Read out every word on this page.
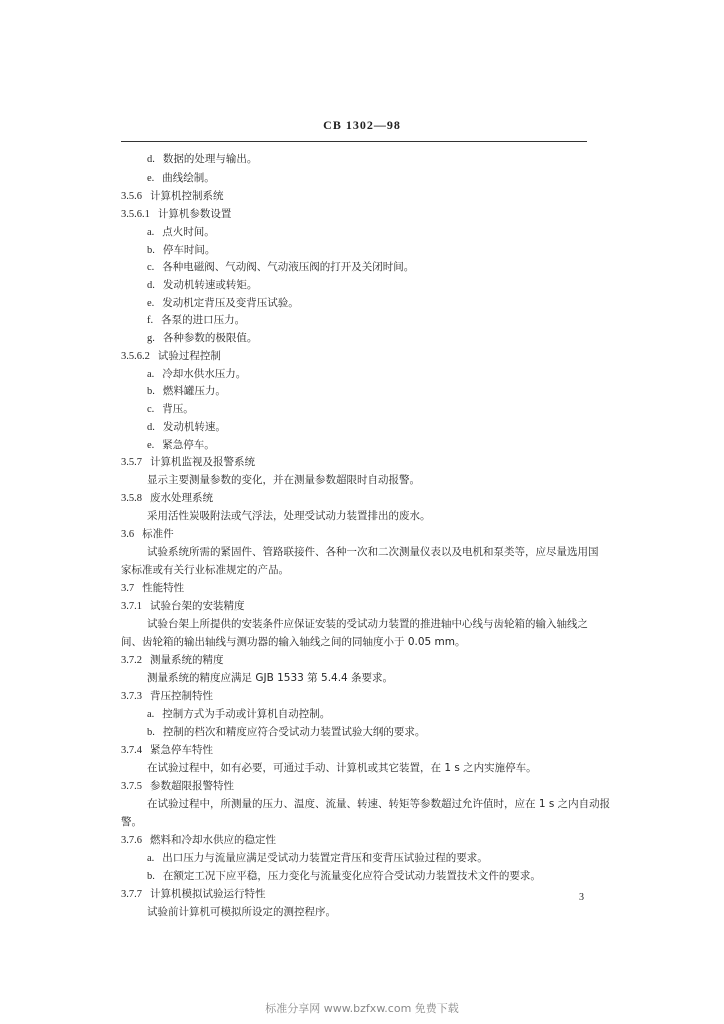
CB 1302—98
d. 数据的处理与输出。
e. 曲线绘制。
3.5.6 计算机控制系统
3.5.6.1 计算机参数设置
a. 点火时间。
b. 停车时间。
c. 各种电磁阀、气动阀、气动液压阀的打开及关闭时间。
d. 发动机转速或转矩。
e. 发动机定背压及变背压试验。
f. 各泵的进口压力。
g. 各种参数的极限值。
3.5.6.2 试验过程控制
a. 冷却水供水压力。
b. 燃料罐压力。
c. 背压。
d. 发动机转速。
e. 紧急停车。
3.5.7 计算机监视及报警系统
显示主要测量参数的变化，并在测量参数超限时自动报警。
3.5.8 废水处理系统
采用活性炭吸附法或气浮法，处理受试动力装置排出的废水。
3.6 标准件
试验系统所需的紧固件、管路联接件、各种一次和二次测量仪表以及电机和泵类等，应尽量选用国
家标准或有关行业标准规定的产品。
3.7 性能特性
3.7.1 试验台架的安装精度
试验台架上所提供的安装条件应保证安装的受试动力装置的推进轴中心线与齿轮箱的输入轴线之
间、齿轮箱的输出轴线与测功器的输入轴线之间的同轴度小于 0.05 mm。
3.7.2 测量系统的精度
测量系统的精度应满足 GJB 1533 第 5.4.4 条要求。
3.7.3 背压控制特性
a. 控制方式为手动或计算机自动控制。
b. 控制的档次和精度应符合受试动力装置试验大纲的要求。
3.7.4 紧急停车特性
在试验过程中，如有必要，可通过手动、计算机或其它装置，在 1 s 之内实施停车。
3.7.5 参数超限报警特性
在试验过程中，所测量的压力、温度、流量、转速、转矩等参数超过允许值时，应在 1 s 之内自动报
警。
3.7.6 燃料和冷却水供应的稳定性
a. 出口压力与流量应满足受试动力装置定背压和变背压试验过程的要求。
b. 在额定工况下应平稳，压力变化与流量变化应符合受试动力装置技术文件的要求。
3.7.7 计算机模拟试验运行特性
试验前计算机可模拟所设定的测控程序。
3
标准分享网 www.bzfxw.com 免费下载
